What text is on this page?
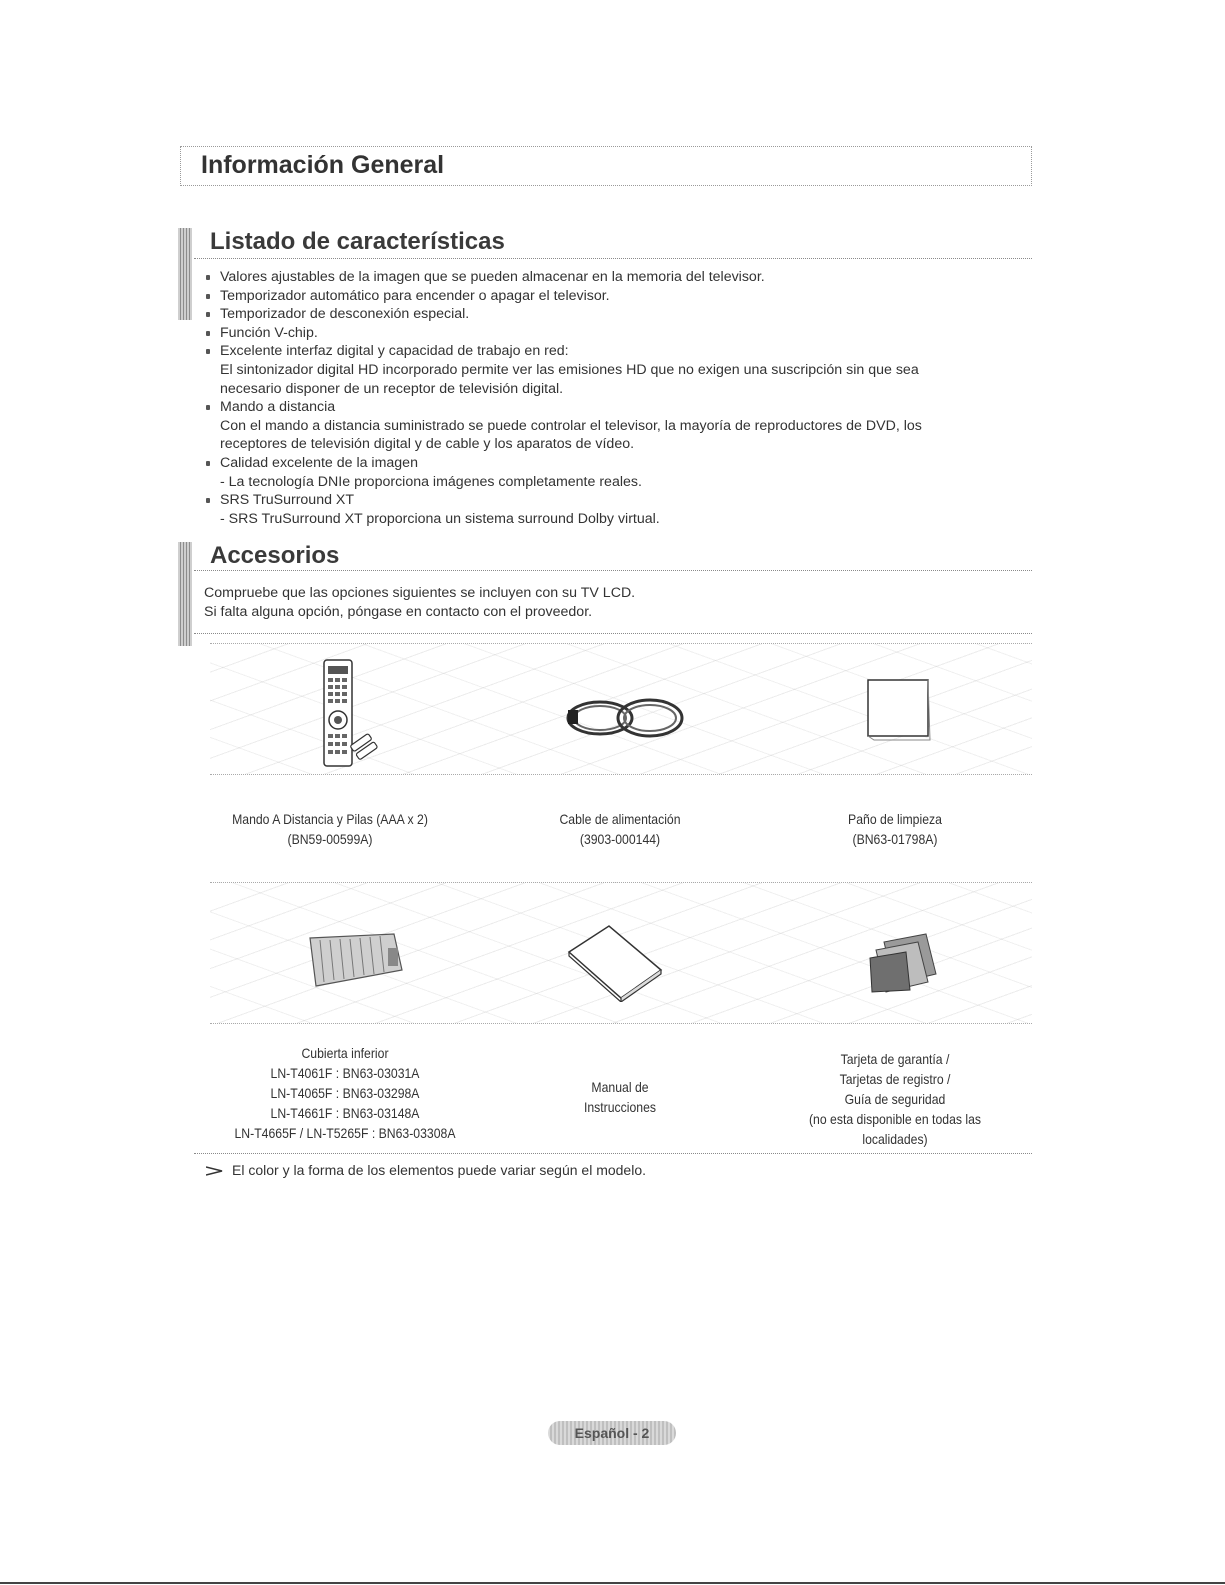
Información General
Listado de características
Valores ajustables de la imagen que se pueden almacenar en la memoria del televisor.
Temporizador automático para encender o apagar el televisor.
Temporizador de desconexión especial.
Función V-chip.
Excelente interfaz digital y capacidad de trabajo en red:
El sintonizador digital HD incorporado permite ver las emisiones HD que no exigen una suscripción sin que sea
necesario disponer de un receptor de televisión digital.
Mando a distancia
Con el mando a distancia suministrado se puede controlar el televisor, la mayoría de reproductores de DVD, los
receptores de televisión digital y de cable y los aparatos de vídeo.
Calidad excelente de la imagen
- La tecnología DNIe proporciona imágenes completamente reales.
SRS TruSurround XT
- SRS TruSurround XT proporciona un sistema surround Dolby virtual.
Accesorios
Compruebe que las opciones siguientes se incluyen con su TV LCD.
Si falta alguna opción, póngase en contacto con el proveedor.
Mando A Distancia y Pilas (AAA x 2)
(BN59-00599A)
Cable de alimentación
(3903-000144)
Paño de limpieza
(BN63-01798A)
Cubierta inferior
LN-T4061F : BN63-03031A
LN-T4065F : BN63-03298A
LN-T4661F : BN63-03148A
LN-T4665F / LN-T5265F : BN63-03308A
Manual de
Instrucciones
Tarjeta de garantía /
Tarjetas de registro /
Guía de seguridad
(no esta disponible en todas las
localidades)
El color y la forma de los elementos puede variar según el modelo.
Español - 2
